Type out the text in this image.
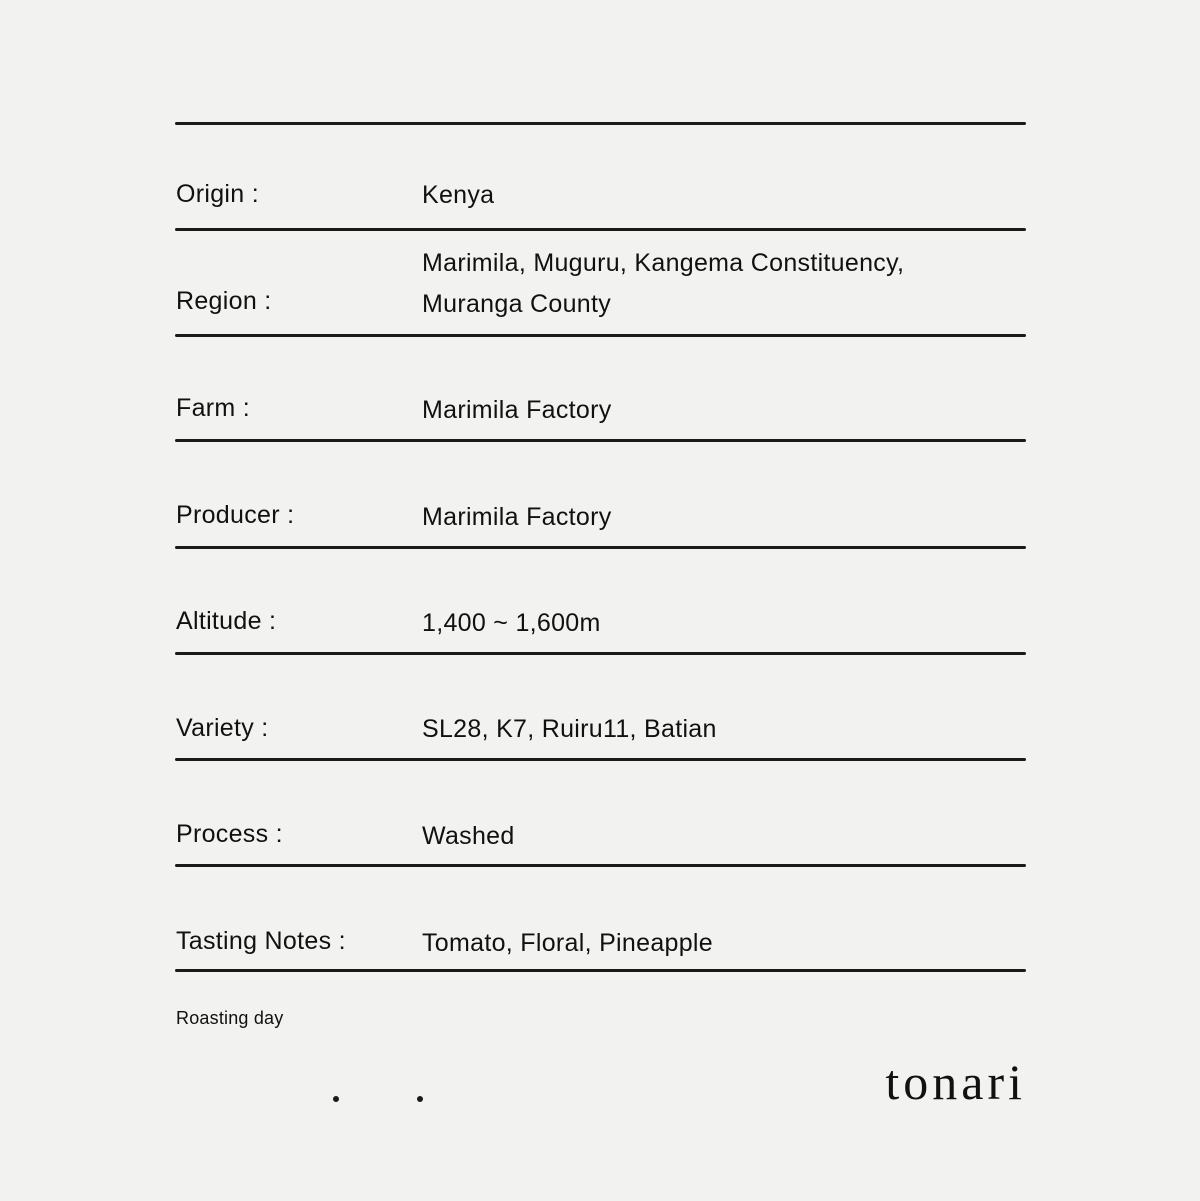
Origin :	Kenya
Region :
Marimila, Muguru, Kangema Constituency,
Muranga County
Farm :	Marimila Factory
Producer :	Marimila Factory
Altitude :	1,400 ~ 1,600m
Variety :	SL28, K7, Ruiru11, Batian
Process :	Washed
Tasting Notes :	Tomato, Floral, Pineapple
Roasting day
tonari
